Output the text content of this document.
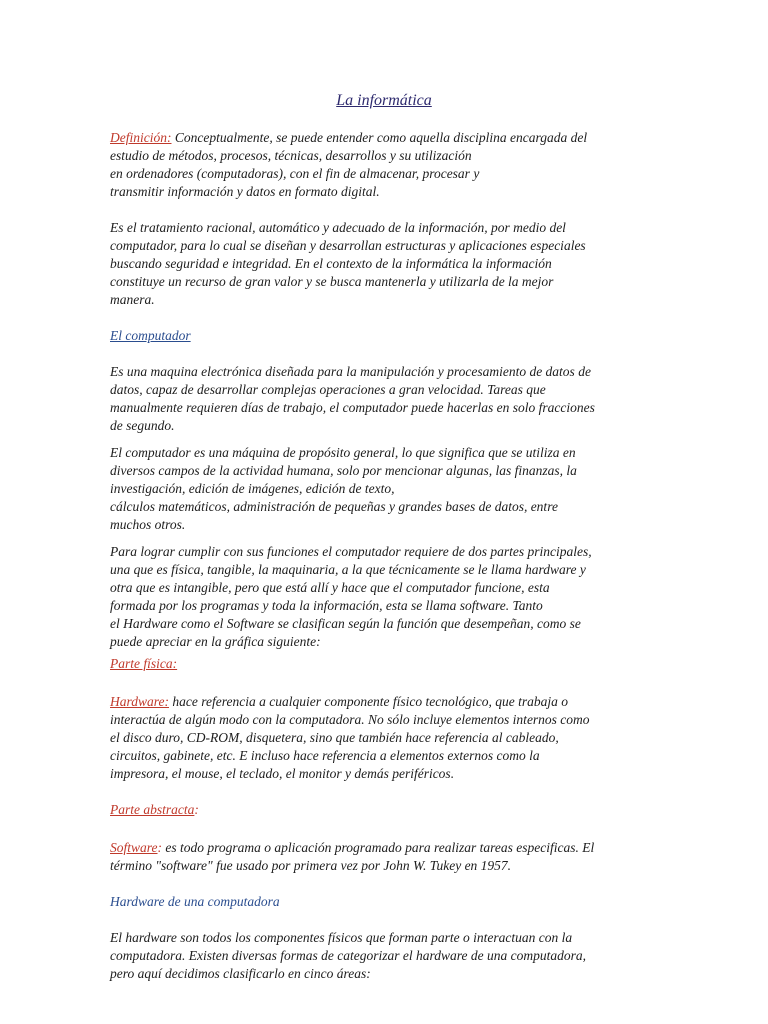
La informática

Definición: Conceptualmente, se puede entender como aquella disciplina encargada del
estudio de métodos, procesos, técnicas, desarrollos y su utilización
en ordenadores (computadoras), con el fin de almacenar, procesar y
transmitir información y datos en formato digital.

Es el tratamiento racional, automático y adecuado de la información, por medio del
computador, para lo cual se diseñan y desarrollan estructuras y aplicaciones especiales
buscando seguridad e integridad. En el contexto de la informática la información
constituye un recurso de gran valor y se busca mantenerla y utilizarla de la mejor
manera.

El computador

Es una maquina electrónica diseñada para la manipulación y procesamiento de datos de
datos, capaz de desarrollar complejas operaciones a gran velocidad. Tareas que
manualmente requieren días de trabajo, el computador puede hacerlas en solo fracciones
de segundo.

El computador es una máquina de propósito general, lo que significa que se utiliza en
diversos campos de la actividad humana, solo por mencionar algunas, las finanzas, la
investigación, edición de imágenes, edición de texto,
cálculos matemáticos, administración de pequeñas y grandes bases de datos, entre
muchos otros.

Para lograr cumplir con sus funciones el computador requiere de dos partes principales,
una que es física, tangible, la maquinaria, a la que técnicamente se le llama hardware y
otra que es intangible, pero que está allí y hace que el computador funcione, esta
formada por los programas y toda la información, esta se llama software. Tanto
el Hardware como el Software se clasifican según la función que desempeñan, como se
puede apreciar en la gráfica siguiente:

Parte física:

Hardware: hace referencia a cualquier componente físico tecnológico, que trabaja o
interactúa de algún modo con la computadora. No sólo incluye elementos internos como
el disco duro, CD-ROM, disquetera, sino que también hace referencia al cableado,
circuitos, gabinete, etc. E incluso hace referencia a elementos externos como la
impresora, el mouse, el teclado, el monitor y demás periféricos.

Parte abstracta:

Software: es todo programa o aplicación programado para realizar tareas especificas. El
término "software" fue usado por primera vez por John W. Tukey en 1957.

Hardware de una computadora

El hardware son todos los componentes físicos que forman parte o interactuan con la
computadora. Existen diversas formas de categorizar el hardware de una computadora,
pero aquí decidimos clasificarlo en cinco áreas:
